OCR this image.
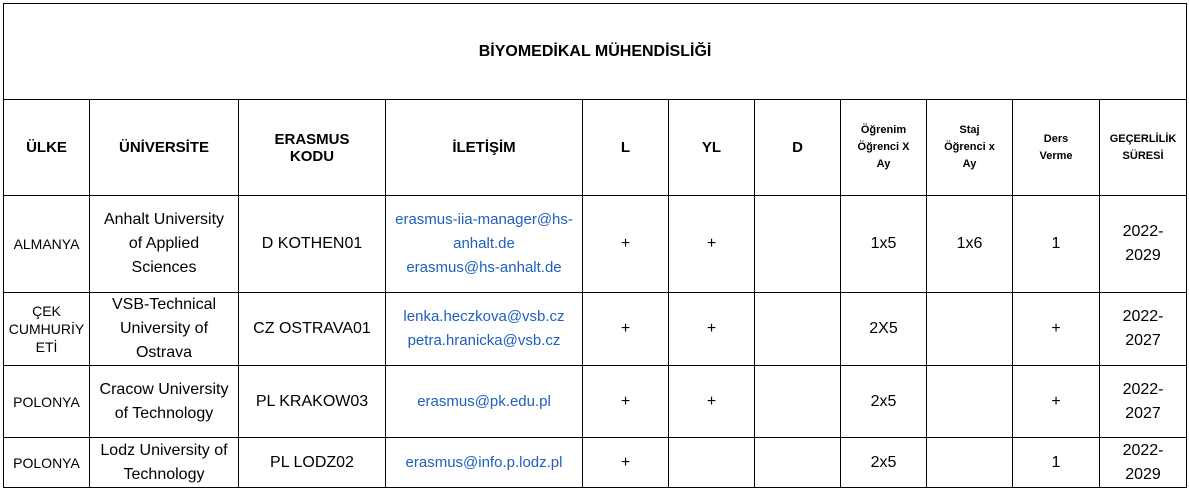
BİYOMEDİKAL MÜHENDİSLİĞİ										
ÜLKE	ÜNİVERSİTE	ERASMUS
KODU	İLETİŞİM	L	YL	D	Öğrenim
Öğrenci X
Ay	Staj
Öğrenci x
Ay	Ders
Verme	GEÇERLİLİK
SÜRESİ

ALMANYA	Anhalt University
of Applied
Sciences	D KOTHEN01	erasmus-iia-manager@hs-
anhalt.de
erasmus@hs-anhalt.de	+	+		1x5	1x6	1	2022-
2029

ÇEK
CUMHURİY
ETİ	VSB-Technical
University of
Ostrava	CZ OSTRAVA01	lenka.heczkova@vsb.cz
petra.hranicka@vsb.cz	+	+		2X5		+	2022-
2027

POLONYA	Cracow University
of Technology	PL KRAKOW03	erasmus@pk.edu.pl	+	+		2x5		+	2022-
2027

POLONYA	Lodz University of
Technology	PL LODZ02	erasmus@info.p.lodz.pl	+			2x5		1	2022-
2029
